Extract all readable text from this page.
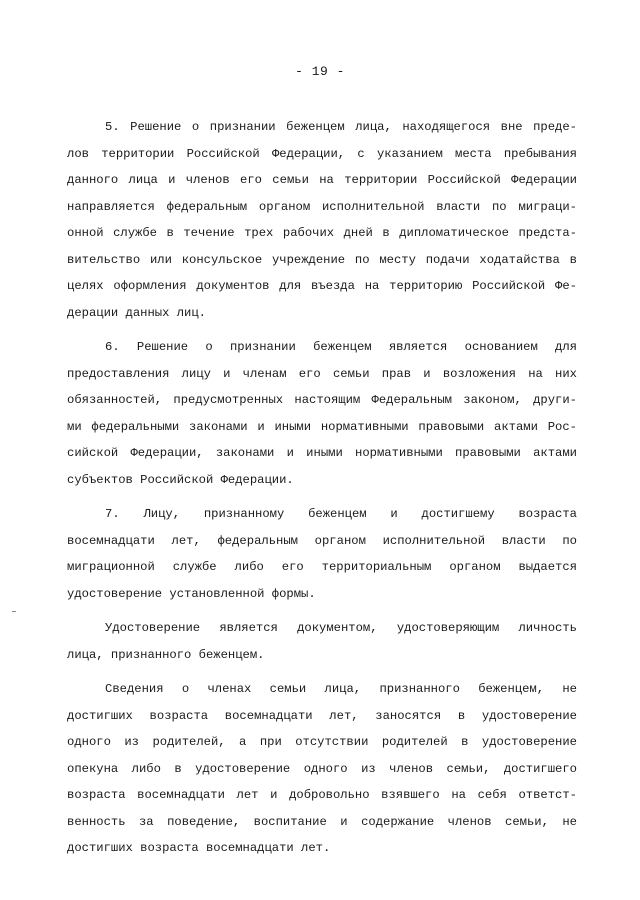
- 19 -
5. Решение о признании беженцем лица, находящегося вне преде-
лов территории Российской Федерации, с указанием места пребывания
данного лица и членов его семьи на территории Российской Федерации
направляется федеральным органом исполнительной власти по миграци-
онной службе в течение трех рабочих дней в дипломатическое предста-
вительство или консульское учреждение по месту подачи ходатайства в
целях оформления документов для въезда на территорию Российской Фе-
дерации данных лиц.
6. Решение о признании беженцем является основанием для
предоставления лицу и членам его семьи прав и возложения на них
обязанностей, предусмотренных настоящим Федеральным законом, други-
ми федеральными законами и иными нормативными правовыми актами Рос-
сийской Федерации, законами и иными нормативными правовыми актами
субъектов Российской Федерации.
7. Лицу, признанному беженцем и достигшему возраста
восемнадцати лет, федеральным органом исполнительной власти по
миграционной службе либо его территориальным органом выдается
удостоверение установленной формы.
Удостоверение является документом, удостоверяющим личность
лица, признанного беженцем.
Сведения о членах семьи лица, признанного беженцем, не
достигших возраста восемнадцати лет, заносятся в удостоверение
одного из родителей, а при отсутствии родителей в удостоверение
опекуна либо в удостоверение одного из членов семьи, достигшего
возраста восемнадцати лет и добровольно взявшего на себя ответст-
венность за поведение, воспитание и содержание членов семьи, не
достигших возраста восемнадцати лет.
